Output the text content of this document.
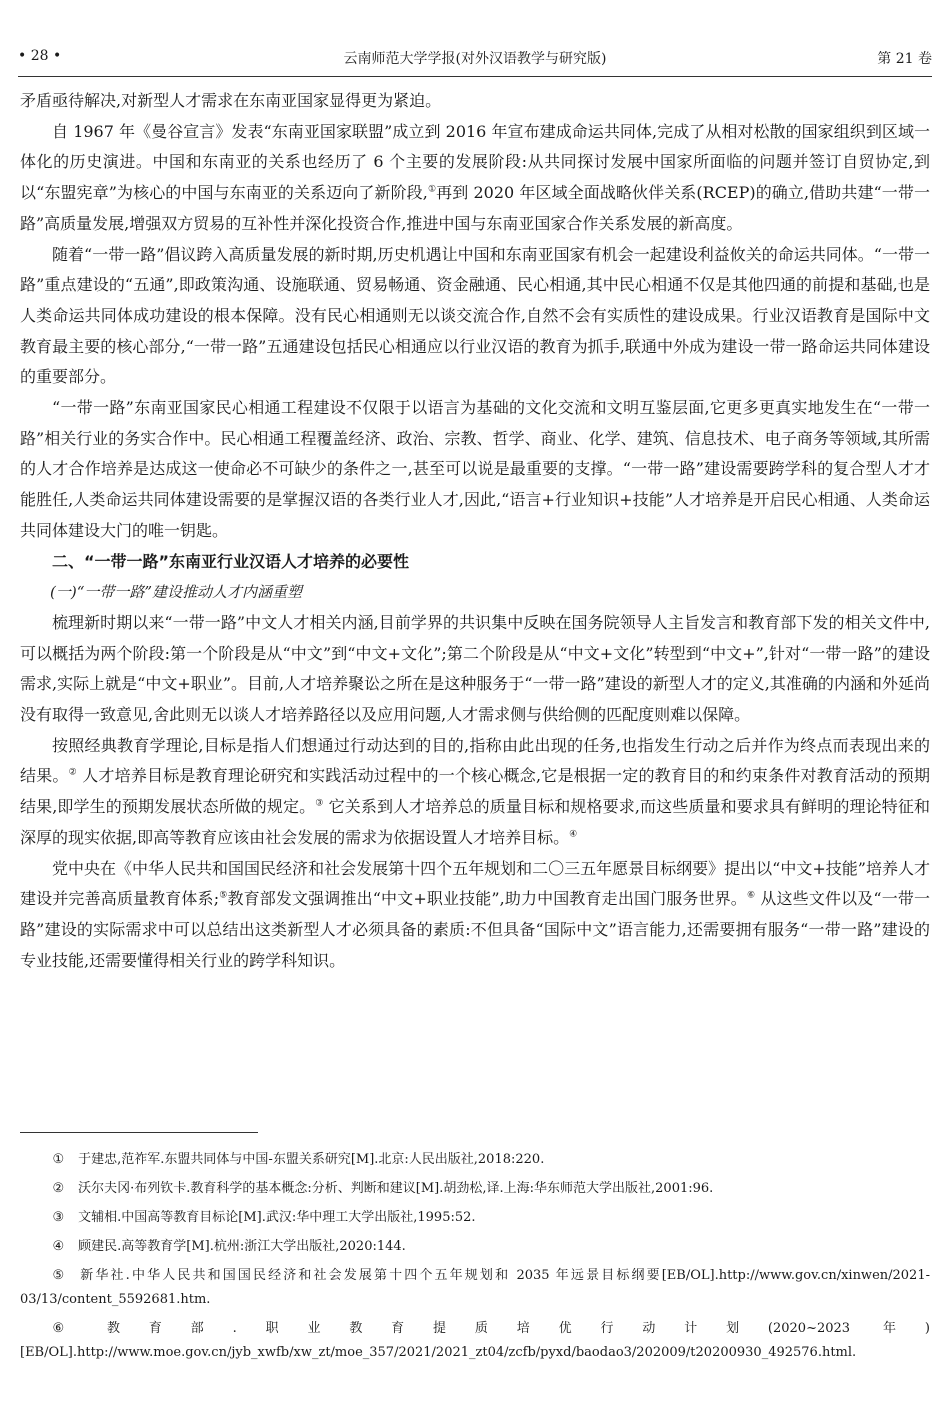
• 28 •	云南师范大学学报(对外汉语教学与研究版)	第 21 卷

矛盾亟待解决,对新型人才需求在东南亚国家显得更为紧迫。

自 1967 年《曼谷宣言》发表“东南亚国家联盟”成立到 2016 年宣布建成命运共同体,完成了从相对松散的国家组织到区域一体化的历史演进。中国和东南亚的关系也经历了 6 个主要的发展阶段:从共同探讨发展中国家所面临的问题并签订自贸协定,到以“东盟宪章”为核心的中国与东南亚的关系迈向了新阶段,①再到 2020 年区域全面战略伙伴关系(RCEP)的确立,借助共建“一带一路”高质量发展,增强双方贸易的互补性并深化投资合作,推进中国与东南亚国家合作关系发展的新高度。

随着“一带一路”倡议跨入高质量发展的新时期,历史机遇让中国和东南亚国家有机会一起建设利益攸关的命运共同体。“一带一路”重点建设的“五通”,即政策沟通、设施联通、贸易畅通、资金融通、民心相通,其中民心相通不仅是其他四通的前提和基础,也是人类命运共同体成功建设的根本保障。没有民心相通则无以谈交流合作,自然不会有实质性的建设成果。行业汉语教育是国际中文教育最主要的核心部分,“一带一路”五通建设包括民心相通应以行业汉语的教育为抓手,联通中外成为建设一带一路命运共同体建设的重要部分。

“一带一路”东南亚国家民心相通工程建设不仅限于以语言为基础的文化交流和文明互鉴层面,它更多更真实地发生在“一带一路”相关行业的务实合作中。民心相通工程覆盖经济、政治、宗教、哲学、商业、化学、建筑、信息技术、电子商务等领域,其所需的人才合作培养是达成这一使命必不可缺少的条件之一,甚至可以说是最重要的支撑。“一带一路”建设需要跨学科的复合型人才才能胜任,人类命运共同体建设需要的是掌握汉语的各类行业人才,因此,“语言+行业知识+技能”人才培养是开启民心相通、人类命运共同体建设大门的唯一钥匙。

二、“一带一路”东南亚行业汉语人才培养的必要性
(一)“一带一路”建设推动人才内涵重塑

梳理新时期以来“一带一路”中文人才相关内涵,目前学界的共识集中反映在国务院领导人主旨发言和教育部下发的相关文件中,可以概括为两个阶段:第一个阶段是从“中文”到“中文+文化”;第二个阶段是从“中文+文化”转型到“中文+”,针对“一带一路”的建设需求,实际上就是“中文+职业”。目前,人才培养聚讼之所在是这种服务于“一带一路”建设的新型人才的定义,其准确的内涵和外延尚没有取得一致意见,舍此则无以谈人才培养路径以及应用问题,人才需求侧与供给侧的匹配度则难以保障。

按照经典教育学理论,目标是指人们想通过行动达到的目的,指称由此出现的任务,也指发生行动之后并作为终点而表现出来的结果。② 人才培养目标是教育理论研究和实践活动过程中的一个核心概念,它是根据一定的教育目的和约束条件对教育活动的预期结果,即学生的预期发展状态所做的规定。③ 它关系到人才培养总的质量目标和规格要求,而这些质量和要求具有鲜明的理论特征和深厚的现实依据,即高等教育应该由社会发展的需求为依据设置人才培养目标。④

党中央在《中华人民共和国国民经济和社会发展第十四个五年规划和二〇三五年愿景目标纲要》提出以“中文+技能”培养人才建设并完善高质量教育体系;⑤教育部发文强调推出“中文+职业技能”,助力中国教育走出国门服务世界。⑥ 从这些文件以及“一带一路”建设的实际需求中可以总结出这类新型人才必须具备的素质:不但具备“国际中文”语言能力,还需要拥有服务“一带一路”建设的专业技能,还需要懂得相关行业的跨学科知识。

① 于建忠,范祚军.东盟共同体与中国-东盟关系研究[M].北京:人民出版社,2018:220.

② 沃尔夫冈·布列钦卡.教育科学的基本概念:分析、判断和建议[M].胡劲松,译.上海:华东师范大学出版社,2001:96.

③ 文辅相.中国高等教育目标论[M].武汉:华中理工大学出版社,1995:52.

④ 顾建民.高等教育学[M].杭州:浙江大学出版社,2020:144.

⑤ 新华社.中华人民共和国国民经济和社会发展第十四个五年规划和 2035 年远景目标纲要[EB/OL].http://www.gov.cn/xinwen/2021-03/13/content_5592681.htm.

⑥ 教育部.职业教育提质培优行动计划(2020~2023 年)[EB/OL].http://www.moe.gov.cn/jyb_xwfb/xw_zt/moe_357/2021/2021_zt04/zcfb/pyxd/baodao3/202009/t20200930_492576.html.
